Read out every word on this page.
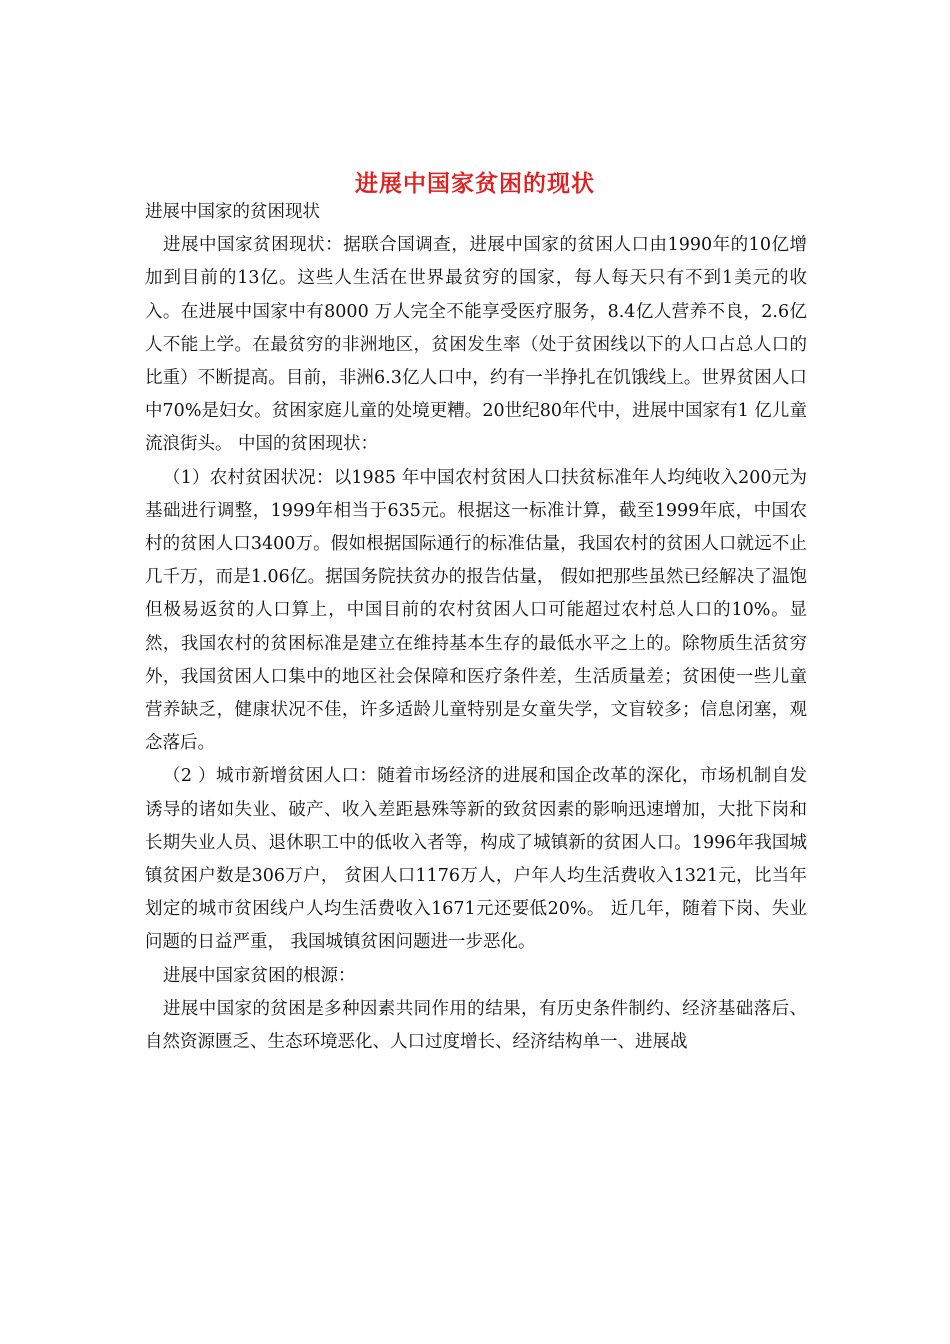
进展中国家贫困的现状

进展中国家的贫困现状

进展中国家贫困现状：据联合国调查，进展中国家的贫困人口由1990年的10亿增加到目前的13亿。这些人生活在世界最贫穷的国家，每人每天只有不到1美元的收入。在进展中国家中有8000 万人完全不能享受医疗服务，8.4亿人营养不良，2.6亿人不能上学。在最贫穷的非洲地区，贫困发生率（处于贫困线以下的人口占总人口的比重）不断提高。目前，非洲6.3亿人口中，约有一半挣扎在饥饿线上。世界贫困人口中70%是妇女。贫困家庭儿童的处境更糟。20世纪80年代中，进展中国家有1 亿儿童流浪街头。 中国的贫困现状：

（1）农村贫困状况：以1985 年中国农村贫困人口扶贫标准年人均纯收入200元为基础进行调整，1999年相当于635元。根据这一标准计算，截至1999年底，中国农村的贫困人口3400万。假如根据国际通行的标准估量，我国农村的贫困人口就远不止几千万，而是1.06亿。据国务院扶贫办的报告估量， 假如把那些虽然已经解决了温饱但极易返贫的人口算上，中国目前的农村贫困人口可能超过农村总人口的10%。显然，我国农村的贫困标准是建立在维持基本生存的最低水平之上的。除物质生活贫穷外，我国贫困人口集中的地区社会保障和医疗条件差，生活质量差；贫困使一些儿童营养缺乏，健康状况不佳，许多适龄儿童特别是女童失学，文盲较多；信息闭塞，观念落后。

（2 ）城市新增贫困人口：随着市场经济的进展和国企改革的深化，市场机制自发诱导的诸如失业、破产、收入差距悬殊等新的致贫因素的影响迅速增加，大批下岗和长期失业人员、退休职工中的低收入者等，构成了城镇新的贫困人口。1996年我国城镇贫困户数是306万户， 贫困人口1176万人，户年人均生活费收入1321元，比当年划定的城市贫困线户人均生活费收入1671元还要低20%。 近几年，随着下岗、失业问题的日益严重， 我国城镇贫困问题进一步恶化。

进展中国家贫困的根源：

进展中国家的贫困是多种因素共同作用的结果，有历史条件制约、经济基础落后、自然资源匮乏、生态环境恶化、人口过度增长、经济结构单一、进展战
